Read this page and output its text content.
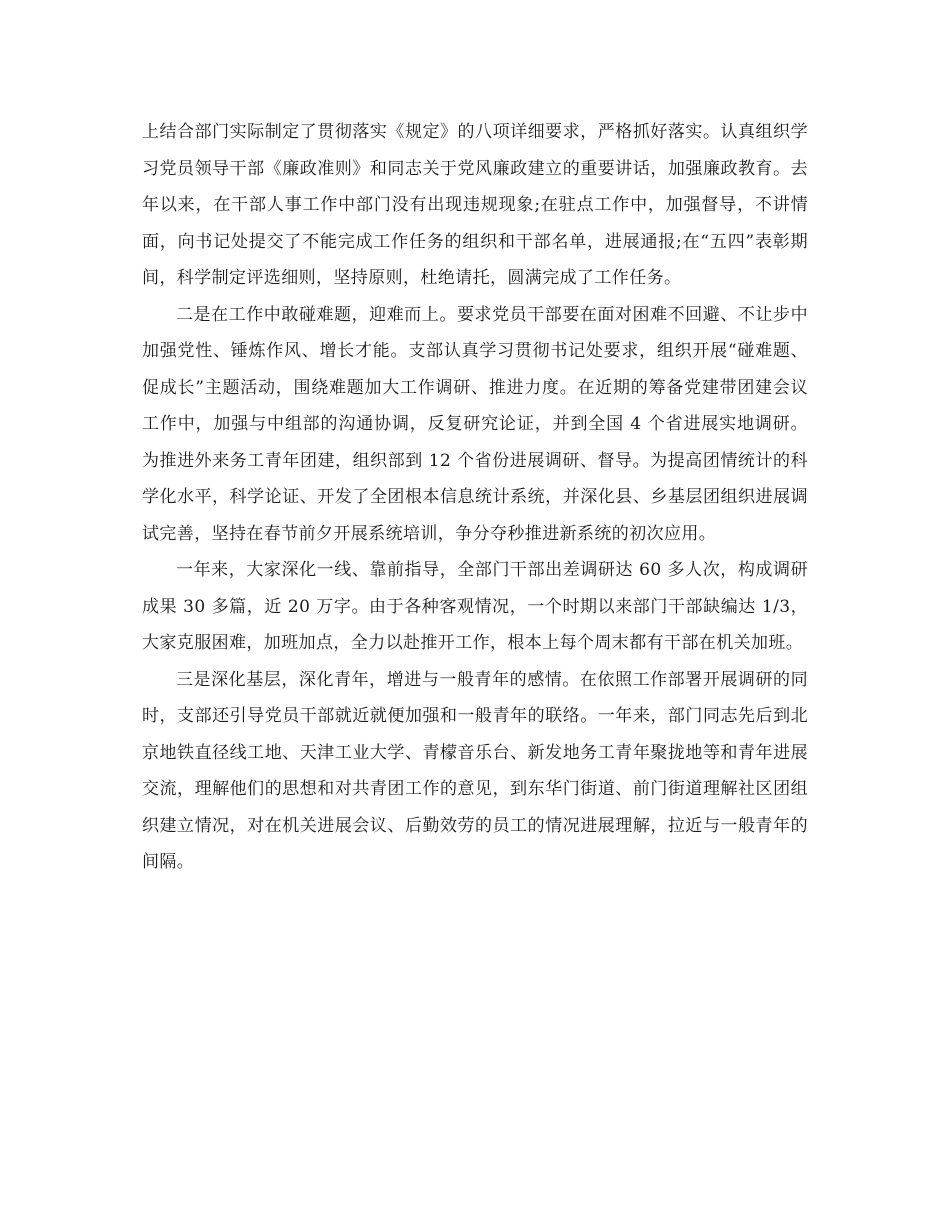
上结合部门实际制定了贯彻落实《规定》的八项详细要求，严格抓好落实。认真组织学习党员领导干部《廉政准则》和同志关于党风廉政建立的重要讲话，加强廉政教育。去年以来，在干部人事工作中部门没有出现违规现象;在驻点工作中，加强督导，不讲情面，向书记处提交了不能完成工作任务的组织和干部名单，进展通报;在“五四”表彰期间，科学制定评选细则，坚持原则，杜绝请托，圆满完成了工作任务。

二是在工作中敢碰难题，迎难而上。要求党员干部要在面对困难不回避、不让步中加强党性、锤炼作风、增长才能。支部认真学习贯彻书记处要求，组织开展“碰难题、促成长”主题活动，围绕难题加大工作调研、推进力度。在近期的筹备党建带团建会议工作中，加强与中组部的沟通协调，反复研究论证，并到全国 4 个省进展实地调研。为推进外来务工青年团建，组织部到 12 个省份进展调研、督导。为提高团情统计的科学化水平，科学论证、开发了全团根本信息统计系统，并深化县、乡基层团组织进展调试完善，坚持在春节前夕开展系统培训，争分夺秒推进新系统的初次应用。

一年来，大家深化一线、靠前指导，全部门干部出差调研达 60 多人次，构成调研成果 30 多篇，近 20 万字。由于各种客观情况，一个时期以来部门干部缺编达 1/3，大家克服困难，加班加点，全力以赴推开工作，根本上每个周末都有干部在机关加班。

三是深化基层，深化青年，增进与一般青年的感情。在依照工作部署开展调研的同时，支部还引导党员干部就近就便加强和一般青年的联络。一年来，部门同志先后到北京地铁直径线工地、天津工业大学、青檬音乐台、新发地务工青年聚拢地等和青年进展交流，理解他们的思想和对共青团工作的意见，到东华门街道、前门街道理解社区团组织建立情况，对在机关进展会议、后勤效劳的员工的情况进展理解，拉近与一般青年的间隔。
